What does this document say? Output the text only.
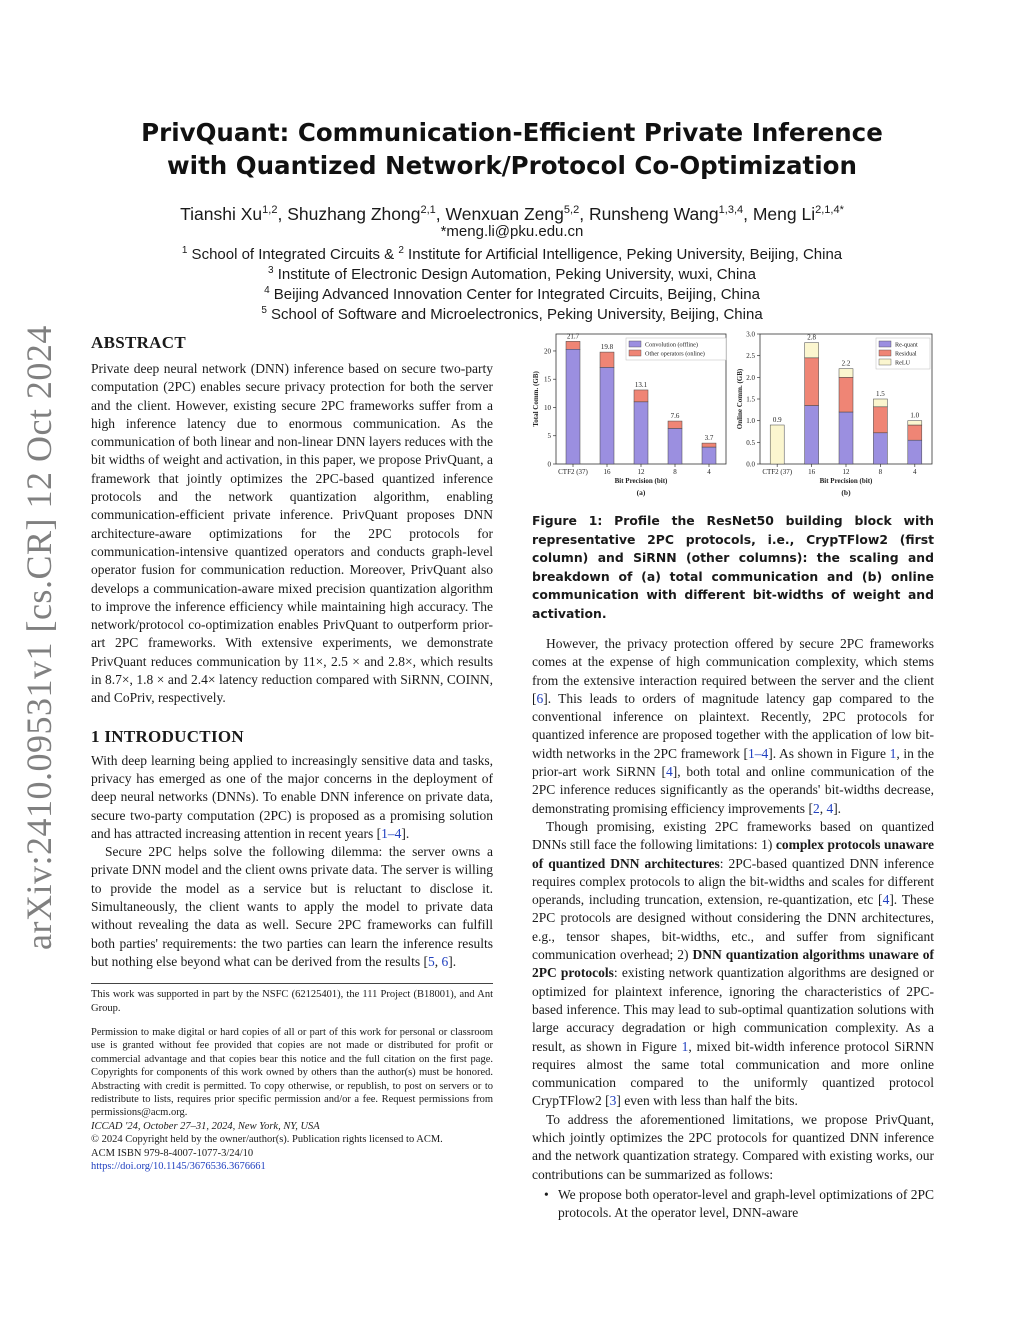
arXiv:2410.09531v1 [cs.CR] 12 Oct 2024
PrivQuant: Communication-Efficient Private Inference
with Quantized Network/Protocol Co-Optimization
Tianshi Xu$^{1,2}$, Shuzhang Zhong$^{2,1}$, Wenxuan Zeng$^{5,2}$, Runsheng Wang$^{1,3,4}$, Meng $Li^{2,1,4*}$
*meng.li@pku.edu.cn
$^1$ School of Integrated Circuits & $^2$ Institute for Artificial Intelligence, Peking University, Beijing, China
$^3$ Institute of Electronic Design Automation, Peking University, wuxi, China
$^4$ Beijing Advanced Innovation Center for Integrated Circuits, Beijing, China
$^5$ School of Software and Microelectronics, Peking University, Beijing, China
ABSTRACT

Private deep neural network (DNN) inference based on secure two-party computation (2PC) enables secure privacy protection for both the server and the client. However, existing secure 2PC frameworks suffer from a high inference latency due to enormous communication. As the communication of both linear and non-linear DNN layers reduces with the bit widths of weight and activation, in this paper, we propose PrivQuant, a framework that jointly optimizes the 2PC-based quantized inference protocols and the network quantization algorithm, enabling communication-efficient private inference. PrivQuant proposes DNN architecture-aware optimizations for the 2PC protocols for communication-intensive quantized operators and conducts graph-level operator fusion for communication reduction. Moreover, PrivQuant also develops a communication-aware mixed precision quantization algorithm to improve the inference efficiency while maintaining high accuracy. The network/protocol co-optimization enables PrivQuant to outperform prior-art 2PC frameworks. With extensive experiments, we demonstrate PrivQuant reduces communication by 11×, 2.5 × and 2.8×, which results in 8.7×, 1.8 × and 2.4× latency reduction compared with SiRNN, COINN, and CoPriv, respectively.

1 INTRODUCTION

With deep learning being applied to increasingly sensitive data and tasks, privacy has emerged as one of the major concerns in the deployment of deep neural networks (DNNs). To enable DNN inference on private data, secure two-party computation (2PC) is proposed as a promising solution and has attracted increasing attention in recent years [1–4].

Secure 2PC helps solve the following dilemma: the server owns a private DNN model and the client owns private data. The server is willing to provide the model as a service but is reluctant to disclose it. Simultaneously, the client wants to apply the model to private data without revealing the data as well. Secure 2PC frameworks can fulfill both parties' requirements: the two parties can learn the inference results but nothing else beyond what can be derived from the results [5, 6].

This work was supported in part by the NSFC (62125401), the 111 Project (B18001), and Ant Group.

Permission to make digital or hard copies of all or part of this work for personal or classroom use is granted without fee provided that copies are not made or distributed for profit or commercial advantage and that copies bear this notice and the full citation on the first page. Copyrights for components of this work owned by others than the author(s) must be honored. Abstracting with credit is permitted. To copy otherwise, or republish, to post on servers or to redistribute to lists, requires prior specific permission and/or a fee. Request permissions from permissions@acm.org.

ICCAD '24, October 27–31, 2024, New York, NY, USA

© 2024 Copyright held by the owner/author(s). Publication rights licensed to ACM.

ACM ISBN 979-8-4007-1077-3/24/10

https://doi.org/10.1145/3676536.3676661

0
5
10
15
20
Total Comm. (GB)
21.7
CTF2 (37)
19.8
16
13.1
12
7.6
8
3.7
4
Bit Precision (bit)
(a)
Convolution (offline)
Other operators (online)
0.0
0.5
1.0
1.5
2.0
2.5
3.0
Online Comm. (GB)	0.9
CTF2 (37)
2.8
16
2.2
12
1.5
8
1.0
4
Bit Precision (bit)
(b)
Re-quant
Residual
ReLU

Figure 1: Profile the ResNet50 building block with representative 2PC protocols, i.e., CrypTFlow2 (first column) and SiRNN (other columns): the scaling and breakdown of (a) total communication and (b) online communication with different bit-widths of weight and activation.

However, the privacy protection offered by secure 2PC frameworks comes at the expense of high communication complexity, which stems from the extensive interaction required between the server and the client [6]. This leads to orders of magnitude latency gap compared to the conventional inference on plaintext. Recently, 2PC protocols for quantized inference are proposed together with the application of low bit-width networks in the 2PC framework [1–4]. As shown in Figure 1, in the prior-art work SiRNN [4], both total and online communication of the 2PC inference reduces significantly as the operands' bit-widths decrease, demonstrating promising efficiency improvements [2, 4].

Though promising, existing 2PC frameworks based on quantized DNNs still face the following limitations: 1) complex protocols unaware of quantized DNN architectures: 2PC-based quantized DNN inference requires complex protocols to align the bit-widths and scales for different operands, including truncation, extension, re-quantization, etc [4]. These 2PC protocols are designed without considering the DNN architectures, e.g., tensor shapes, bit-widths, etc., and suffer from significant communication overhead; 2) DNN quantization algorithms unaware of 2PC protocols: existing network quantization algorithms are designed or optimized for plaintext inference, ignoring the characteristics of 2PC-based inference. This may lead to sub-optimal quantization solutions with large accuracy degradation or high communication complexity. As a result, as shown in Figure 1, mixed bit-width inference protocol SiRNN requires almost the same total communication and more online communication compared to the uniformly quantized protocol CrypTFlow2 [3] even with less than half the bits.

To address the aforementioned limitations, we propose PrivQuant, which jointly optimizes the 2PC protocols for quantized DNN inference and the network quantization strategy. Compared with existing works, our contributions can be summarized as follows:

• We propose both operator-level and graph-level optimizations of 2PC protocols. At the operator level, DNN-aware
